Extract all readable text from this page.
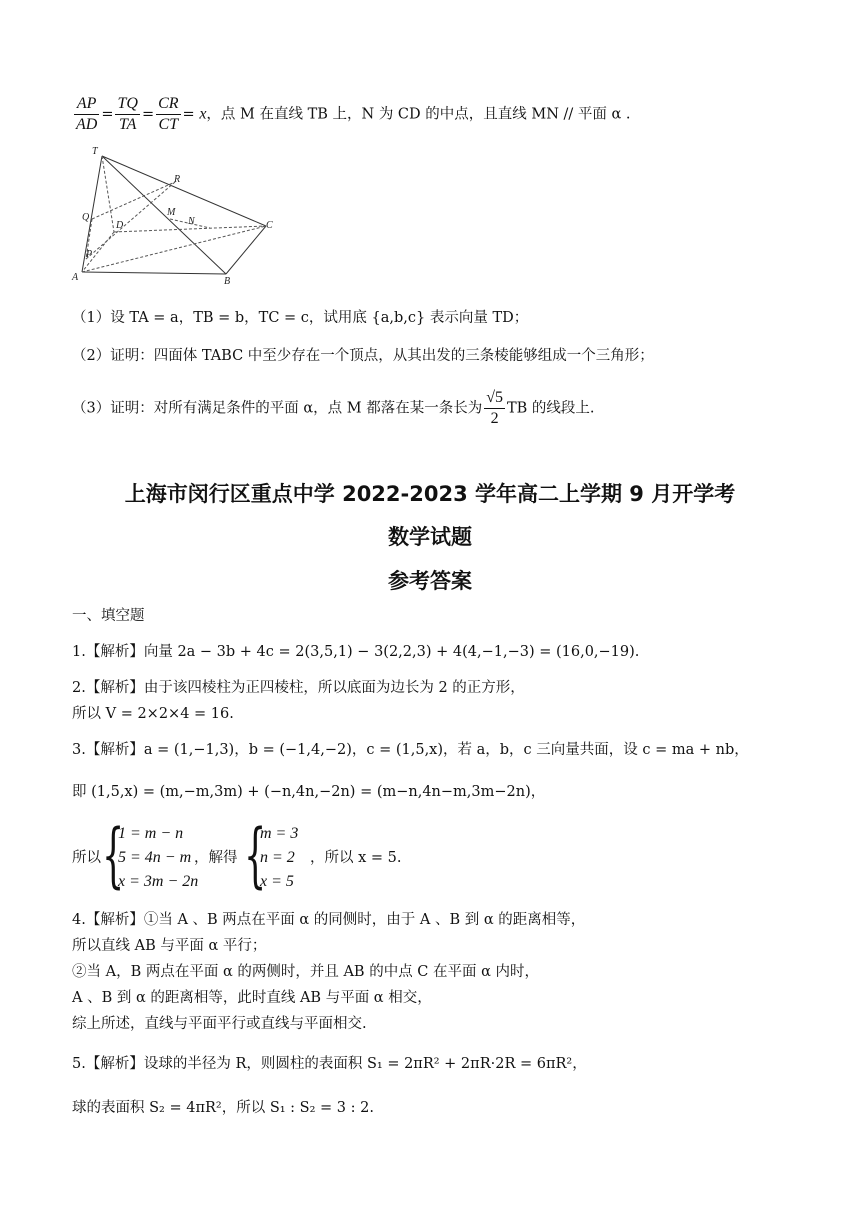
$\frac{AP}{AD} = \frac{TQ}{TA} = \frac{CR}{CT} = x$，点 M 在直线 TB 上，N 为 CD 的中点，且直线 MN // 平面 α .
T
R
Q
D
M
N	C
P
A	B
（1）设 TA = a，TB = b，TC = c，试用底 {a,b,c} 表示向量 TD；
（2）证明：四面体 TABC 中至少存在一个顶点，从其出发的三条棱能够组成一个三角形；
（3）证明：对所有满足条件的平面 α，点 M 都落在某一条长为 $\frac{√5}{2}$ TB 的线段上.
上海市闵行区重点中学 2022-2023 学年高二上学期 9 月开学考
数学试题
参考答案
一、填空题
1.【解析】向量 2a − 3b + 4c = 2(3,5,1) − 3(2,2,3) + 4(4,−1,−3) = (16,0,−19).
2.【解析】由于该四棱柱为正四棱柱，所以底面为边长为 2 的正方形，
所以 V = 2×2×4 = 16.
3.【解析】a = (1,−1,3)，b = (−1,4,−2)，c = (1,5,x)，若 a，b，c 三向量共面，设 c = ma + nb，
即 (1,5,x) = (m,−m,3m) + (−n,4n,−2n) = (m−n,4n−m,3m−2n)，
所以 {
1 = m − n
5 = 4n − m
x = 3m − 2n
，解得 {
m = 3
n = 2
x = 5
，所以 x = 5.
4.【解析】①当 A 、B 两点在平面 α 的同侧时，由于 A 、B 到 α 的距离相等，
所以直线 AB 与平面 α 平行；
②当 A，B 两点在平面 α 的两侧时，并且 AB 的中点 C 在平面 α 内时，
A 、B 到 α 的距离相等，此时直线 AB 与平面 α 相交，
综上所述，直线与平面平行或直线与平面相交.
5.【解析】设球的半径为 R，则圆柱的表面积 S₁ = 2πR² + 2πR·2R = 6πR²，
球的表面积 S₂ = 4πR²，所以 S₁ : S₂ = 3 : 2.
